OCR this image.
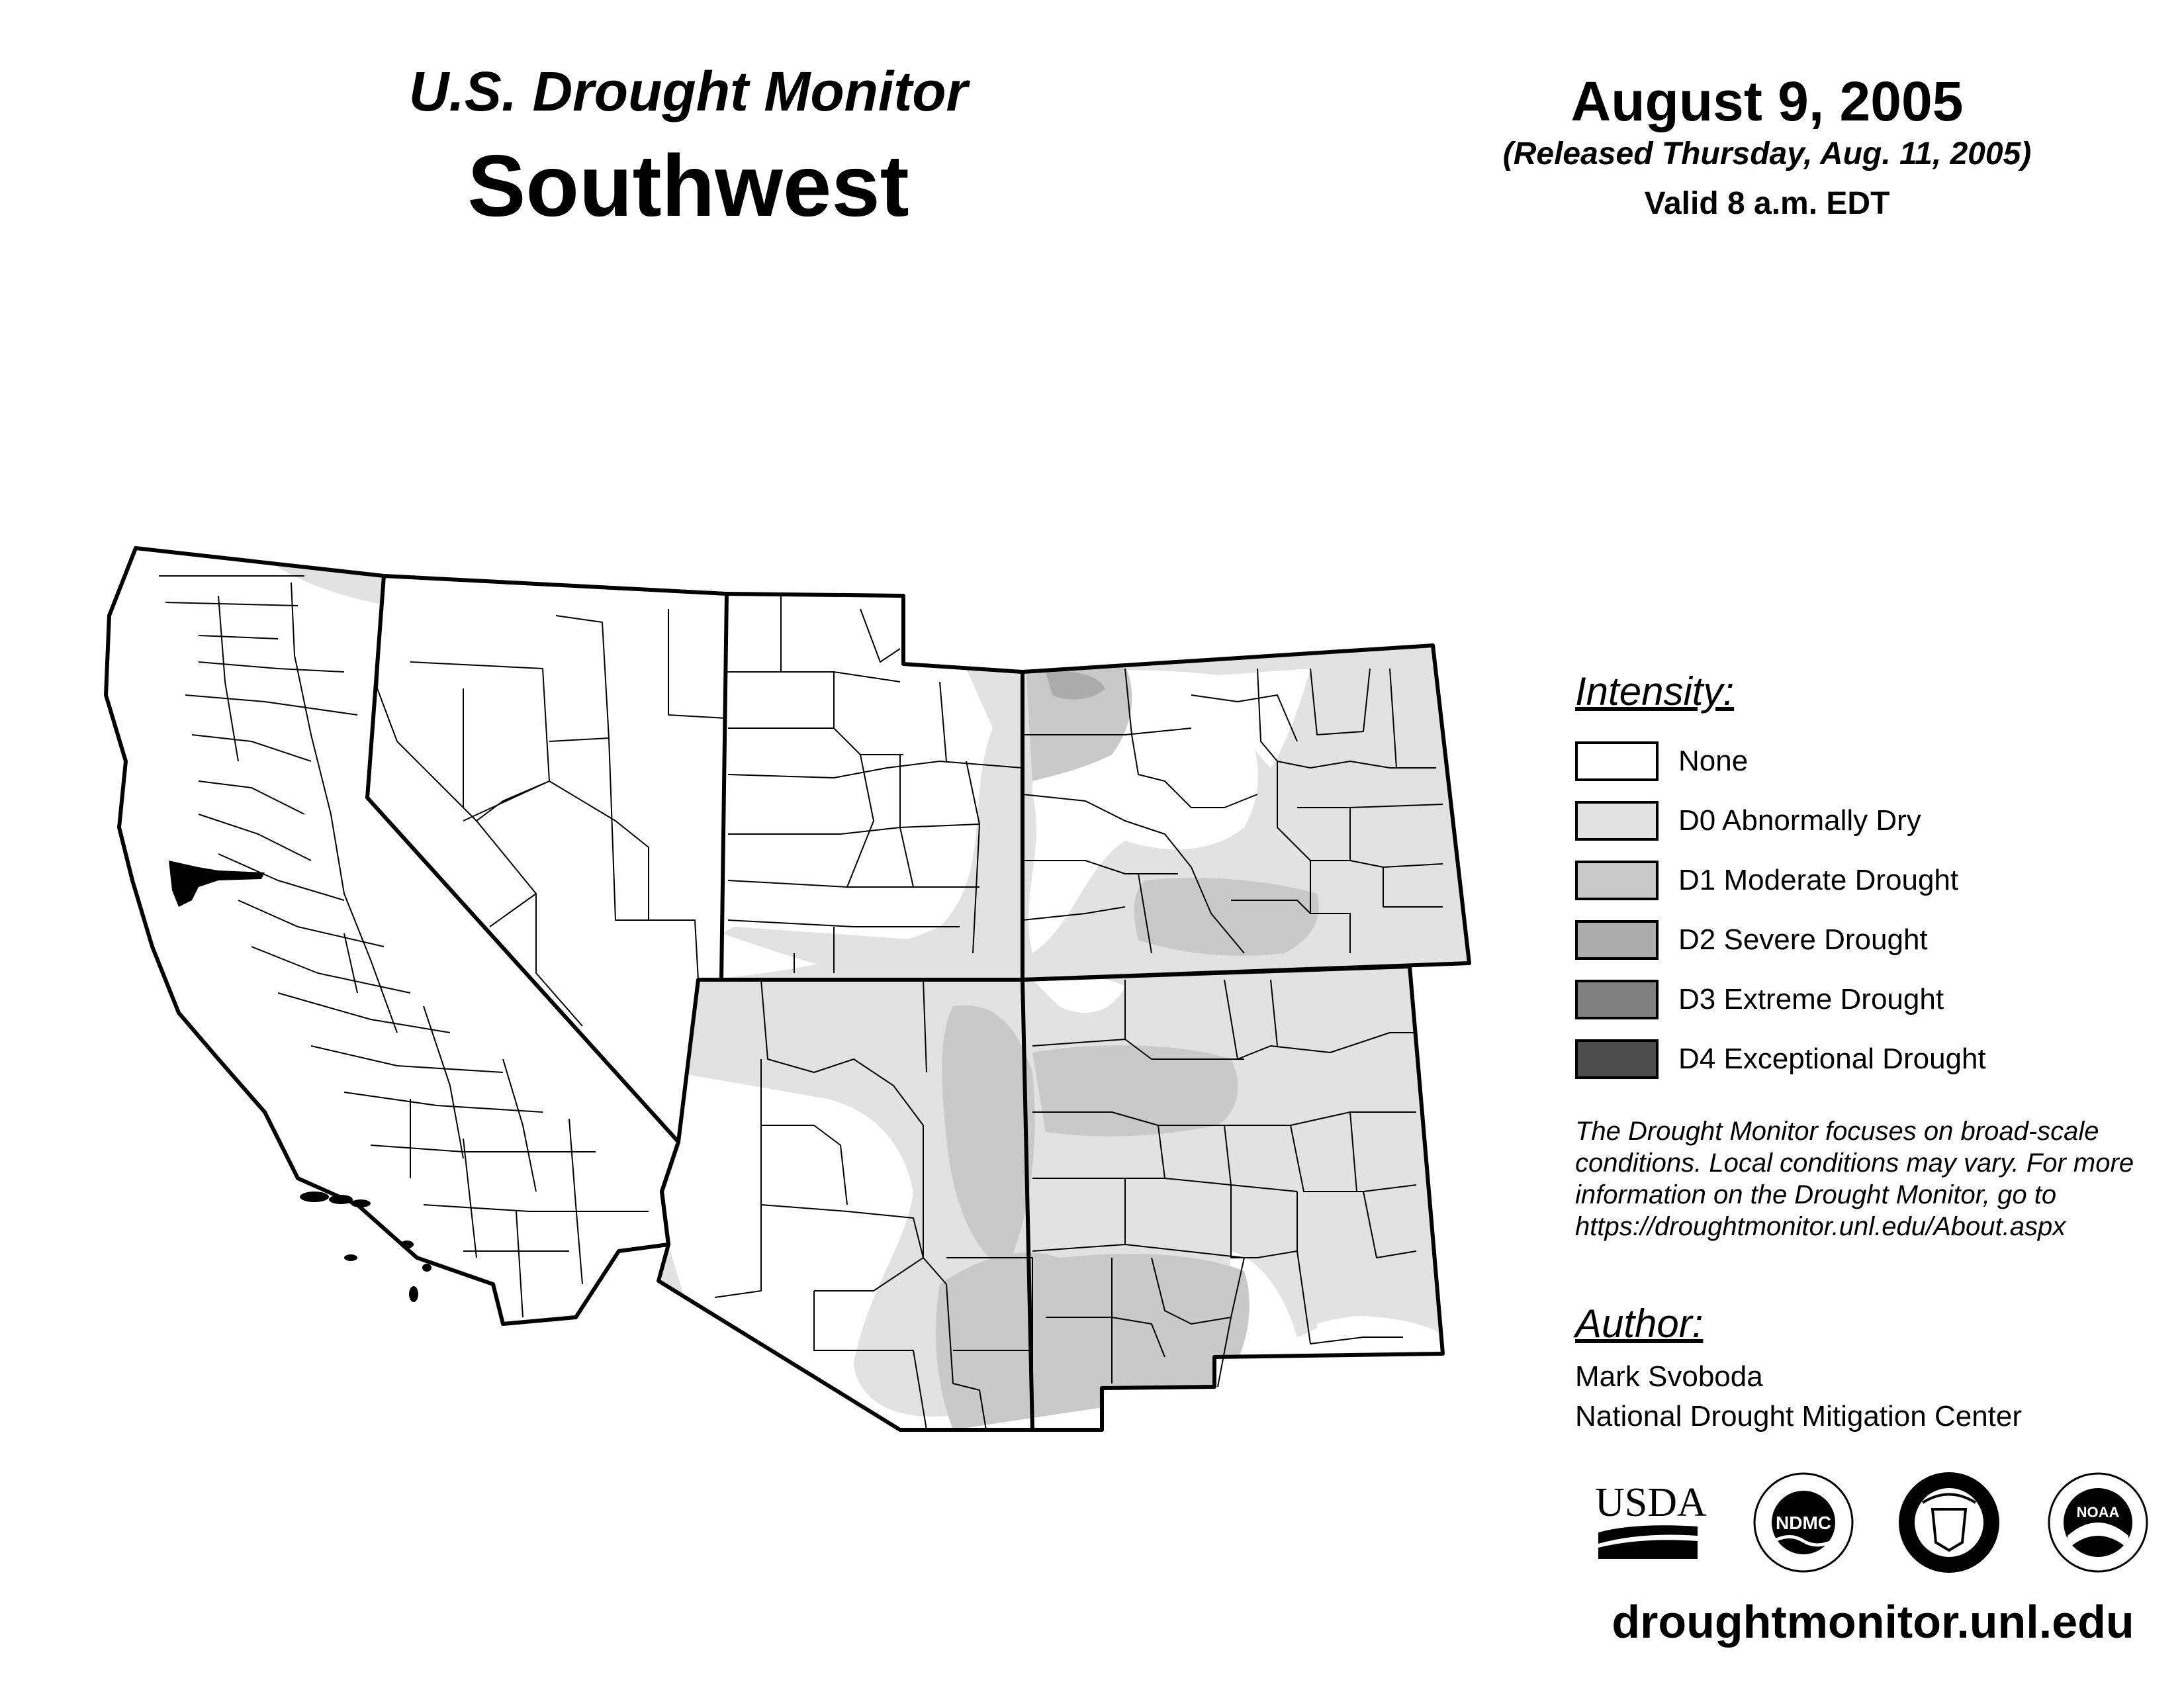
U.S. Drought Monitor
Southwest
August 9, 2005
(Released Thursday, Aug. 11, 2005)
Valid 8 a.m. EDT
Intensity:
None
D0 Abnormally Dry
D1 Moderate Drought
D2 Severe Drought
D3 Extreme Drought
D4 Exceptional Drought
The Drought Monitor focuses on broad-scale
conditions. Local conditions may vary. For more
information on the Drought Monitor, go to
https://droughtmonitor.unl.edu/About.aspx
Author:
Mark Svoboda
National Drought Mitigation Center
USDA	NDMC
NOAA
droughtmonitor.unl.edu
